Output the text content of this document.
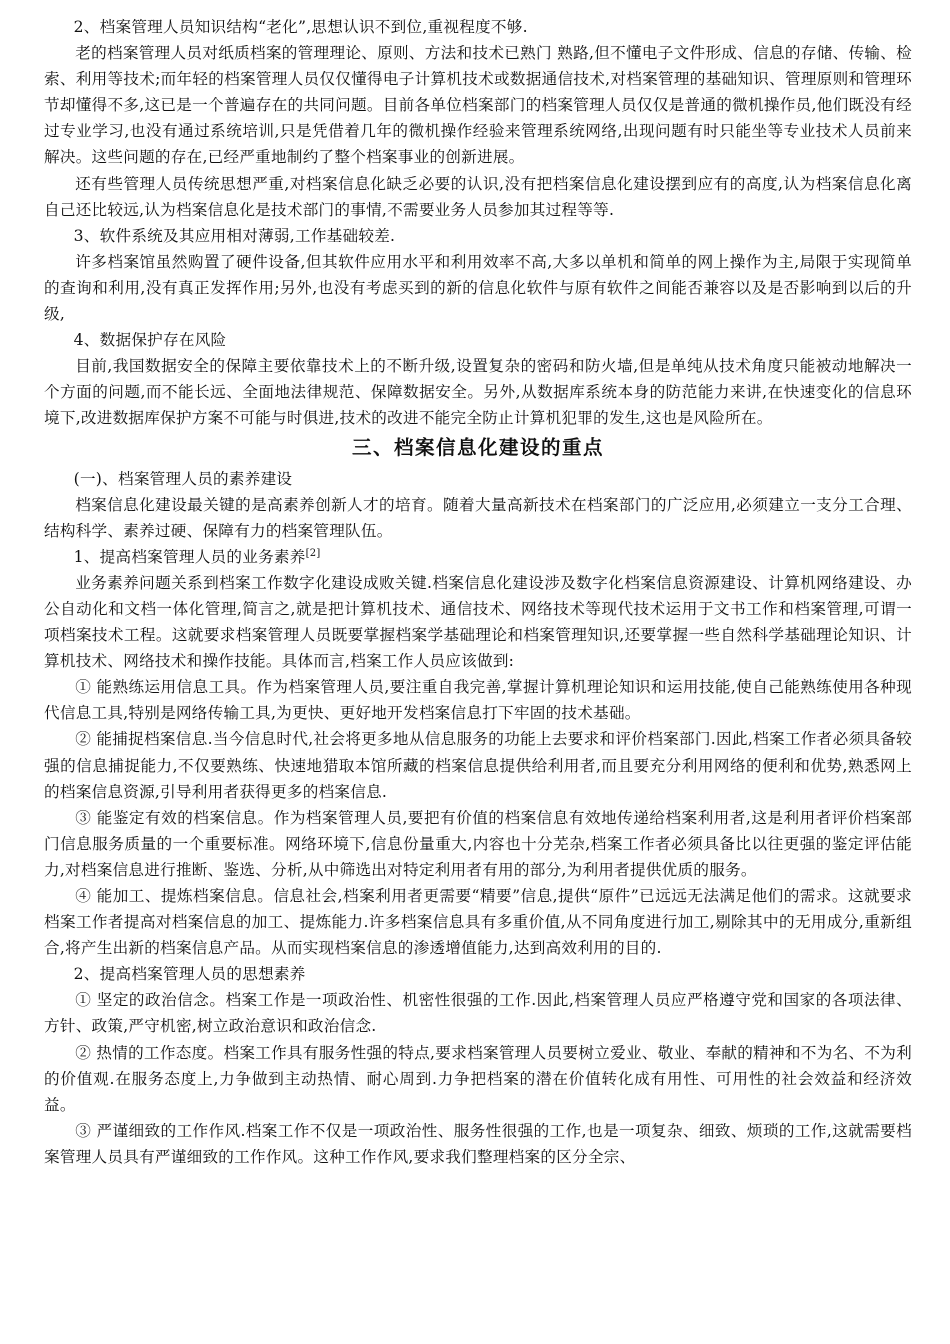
2、档案管理人员知识结构“老化”,思想认识不到位,重视程度不够.

老的档案管理人员对纸质档案的管理理论、原则、方法和技术已熟门 熟路,但不懂电子文件形成、信息的存储、传输、检索、利用等技术;而年轻的档案管理人员仅仅懂得电子计算机技术或数据通信技术,对档案管理的基础知识、管理原则和管理环节却懂得不多,这已是一个普遍存在的共同问题。目前各单位档案部门的档案管理人员仅仅是普通的微机操作员,他们既没有经过专业学习,也没有通过系统培训,只是凭借着几年的微机操作经验来管理系统网络,出现问题有时只能坐等专业技术人员前来解决。这些问题的存在,已经严重地制约了整个档案事业的创新进展。

还有些管理人员传统思想严重,对档案信息化缺乏必要的认识,没有把档案信息化建设摆到应有的高度,认为档案信息化离自己还比较远,认为档案信息化是技术部门的事情,不需要业务人员参加其过程等等.

3、软件系统及其应用相对薄弱,工作基础较差.

许多档案馆虽然购置了硬件设备,但其软件应用水平和利用效率不高,大多以单机和简单的网上操作为主,局限于实现简单的查询和利用,没有真正发挥作用;另外,也没有考虑买到的新的信息化软件与原有软件之间能否兼容以及是否影响到以后的升级,

4、数据保护存在风险

目前,我国数据安全的保障主要依靠技术上的不断升级,设置复杂的密码和防火墙,但是单纯从技术角度只能被动地解决一个方面的问题,而不能长远、全面地法律规范、保障数据安全。另外,从数据库系统本身的防范能力来讲,在快速变化的信息环境下,改进数据库保护方案不可能与时俱进,技术的改进不能完全防止计算机犯罪的发生,这也是风险所在。

三、档案信息化建设的重点

(一)、档案管理人员的素养建设

档案信息化建设最关键的是高素养创新人才的培育。随着大量高新技术在档案部门的广泛应用,必须建立一支分工合理、结构科学、素养过硬、保障有力的档案管理队伍。

1、提高档案管理人员的业务素养[2]

业务素养问题关系到档案工作数字化建设成败关键.档案信息化建设涉及数字化档案信息资源建设、计算机网络建设、办公自动化和文档一体化管理,简言之,就是把计算机技术、通信技术、网络技术等现代技术运用于文书工作和档案管理,可谓一项档案技术工程。这就要求档案管理人员既要掌握档案学基础理论和档案管理知识,还要掌握一些自然科学基础理论知识、计算机技术、网络技术和操作技能。具体而言,档案工作人员应该做到:

① 能熟练运用信息工具。作为档案管理人员,要注重自我完善,掌握计算机理论知识和运用技能,使自己能熟练使用各种现代信息工具,特别是网络传输工具,为更快、更好地开发档案信息打下牢固的技术基础。

② 能捕捉档案信息.当今信息时代,社会将更多地从信息服务的功能上去要求和评价档案部门.因此,档案工作者必须具备较强的信息捕捉能力,不仅要熟练、快速地猎取本馆所藏的档案信息提供给利用者,而且要充分利用网络的便利和优势,熟悉网上的档案信息资源,引导利用者获得更多的档案信息.

③ 能鉴定有效的档案信息。作为档案管理人员,要把有价值的档案信息有效地传递给档案利用者,这是利用者评价档案部门信息服务质量的一个重要标准。网络环境下,信息份量重大,内容也十分芜杂,档案工作者必须具备比以往更强的鉴定评估能力,对档案信息进行推断、鉴选、分析,从中筛选出对特定利用者有用的部分,为利用者提供优质的服务。

④ 能加工、提炼档案信息。信息社会,档案利用者更需要“精要”信息,提供“原件”已远远无法满足他们的需求。这就要求档案工作者提高对档案信息的加工、提炼能力.许多档案信息具有多重价值,从不同角度进行加工,剔除其中的无用成分,重新组合,将产生出新的档案信息产品。从而实现档案信息的渗透增值能力,达到高效利用的目的.

2、提高档案管理人员的思想素养

① 坚定的政治信念。档案工作是一项政治性、机密性很强的工作.因此,档案管理人员应严格遵守党和国家的各项法律、方针、政策,严守机密,树立政治意识和政治信念.

② 热情的工作态度。档案工作具有服务性强的特点,要求档案管理人员要树立爱业、敬业、奉献的精神和不为名、不为利的价值观.在服务态度上,力争做到主动热情、耐心周到.力争把档案的潜在价值转化成有用性、可用性的社会效益和经济效益。

③ 严谨细致的工作作风.档案工作不仅是一项政治性、服务性很强的工作,也是一项复杂、细致、烦琐的工作,这就需要档案管理人员具有严谨细致的工作作风。这种工作作风,要求我们整理档案的区分全宗、
